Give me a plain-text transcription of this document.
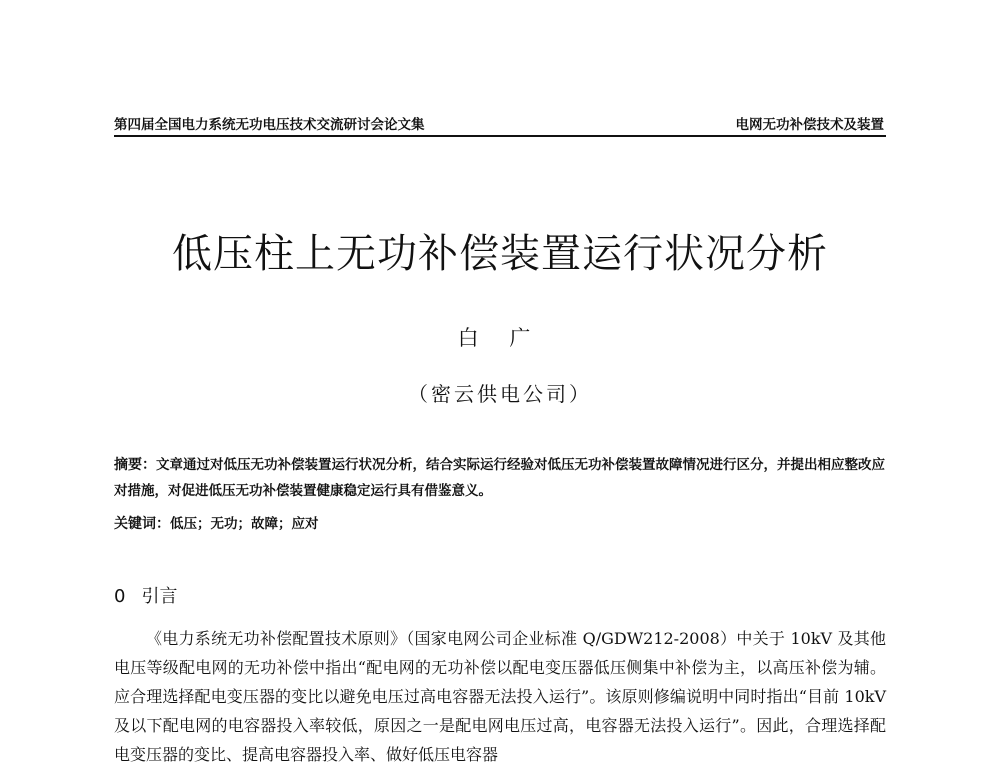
第四届全国电力系统无功电压技术交流研讨会论文集	电网无功补偿技术及装置
低压柱上无功补偿装置运行状况分析
白 广
（密云供电公司）
摘要：文章通过对低压无功补偿装置运行状况分析，结合实际运行经验对低压无功补偿装置故障情况进行区分，并提出相应整改应对措施，对促进低压无功补偿装置健康稳定运行具有借鉴意义。
关键词：低压；无功；故障；应对
0 引言

《电力系统无功补偿配置技术原则》（国家电网公司企业标准 Q/GDW212-2008）中关于 10kV 及其他电压等级配电网的无功补偿中指出“配电网的无功补偿以配电变压器低压侧集中补偿为主，以高压补偿为辅。应合理选择配电变压器的变比以避免电压过高电容器无法投入运行”。该原则修编说明中同时指出“目前 10kV 及以下配电网的电容器投入率较低，原因之一是配电网电压过高，电容器无法投入运行”。因此，合理选择配电变压器的变比、提高电容器投入率、做好低压电容器
